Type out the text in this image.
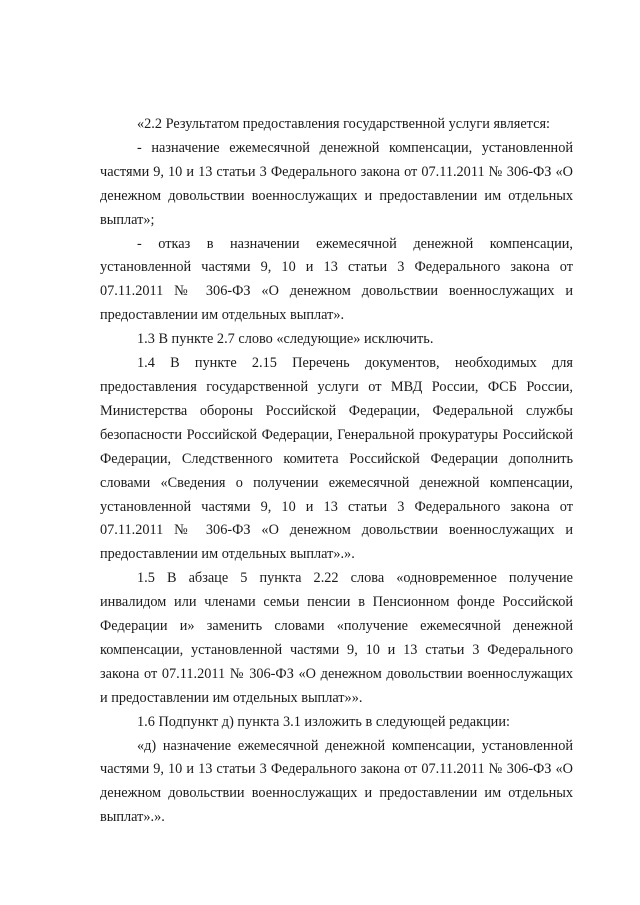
«2.2 Результатом предоставления государственной услуги является:

- назначение ежемесячной денежной компенсации, установленной частями 9, 10 и 13 статьи 3 Федерального закона от 07.11.2011 № 306-ФЗ «О денежном довольствии военнослужащих и предоставлении им отдельных выплат»;

- отказ в назначении ежемесячной денежной компенсации, установленной частями 9, 10 и 13 статьи 3 Федерального закона от 07.11.2011 № 306-ФЗ «О денежном довольствии военнослужащих и предоставлении им отдельных выплат».

1.3 В пункте 2.7 слово «следующие» исключить.

1.4 В пункте 2.15 Перечень документов, необходимых для предоставления государственной услуги от МВД России, ФСБ России, Министерства обороны Российской Федерации, Федеральной службы безопасности Российской Федерации, Генеральной прокуратуры Российской Федерации, Следственного комитета Российской Федерации дополнить словами «Сведения о получении ежемесячной денежной компенсации, установленной частями 9, 10 и 13 статьи 3 Федерального закона от 07.11.2011 № 306-ФЗ «О денежном довольствии военнослужащих и предоставлении им отдельных выплат».».

1.5 В абзаце 5 пункта 2.22 слова «одновременное получение инвалидом или членами семьи пенсии в Пенсионном фонде Российской Федерации и» заменить словами «получение ежемесячной денежной компенсации, установленной частями 9, 10 и 13 статьи 3 Федерального закона от 07.11.2011 № 306-ФЗ «О денежном довольствии военнослужащих и предоставлении им отдельных выплат»».

1.6 Подпункт д) пункта 3.1 изложить в следующей редакции:

«д) назначение ежемесячной денежной компенсации, установленной частями 9, 10 и 13 статьи 3 Федерального закона от 07.11.2011 № 306-ФЗ «О денежном довольствии военнослужащих и предоставлении им отдельных выплат».».
